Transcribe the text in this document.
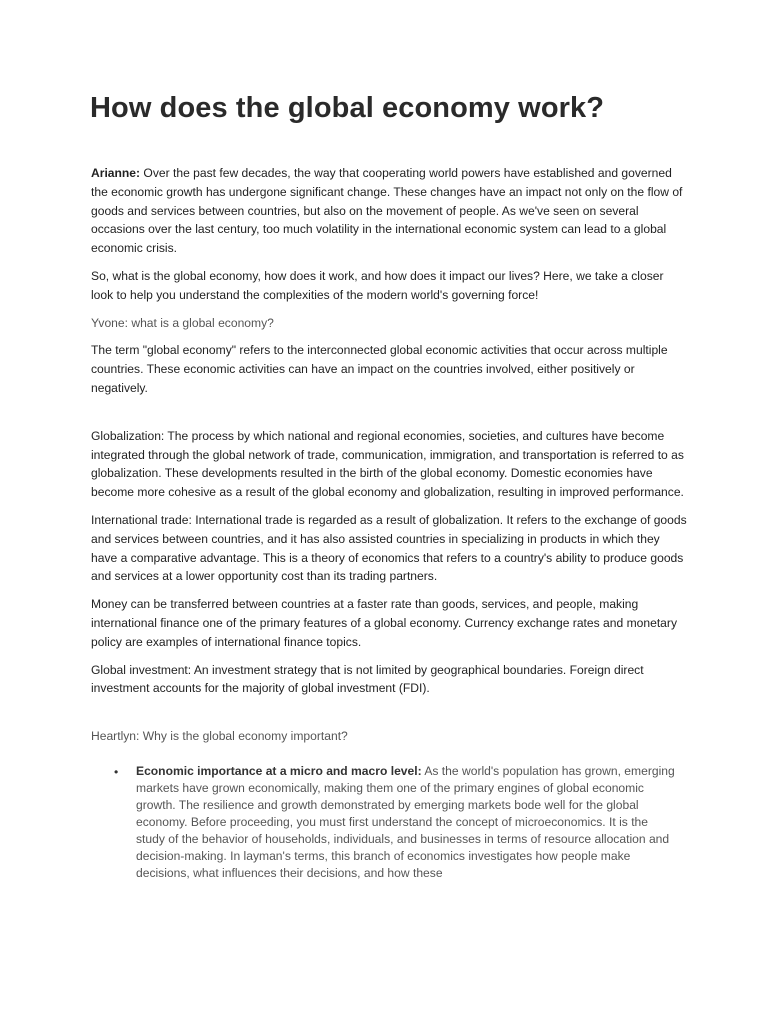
How does the global economy work?

Arianne: Over the past few decades, the way that cooperating world powers have established and governed the economic growth has undergone significant change. These changes have an impact not only on the flow of goods and services between countries, but also on the movement of people. As we've seen on several occasions over the last century, too much volatility in the international economic system can lead to a global economic crisis.

So, what is the global economy, how does it work, and how does it impact our lives? Here, we take a closer look to help you understand the complexities of the modern world's governing force!

Yvone: what is a global economy?

The term "global economy" refers to the interconnected global economic activities that occur across multiple countries. These economic activities can have an impact on the countries involved, either positively or negatively.

Globalization: The process by which national and regional economies, societies, and cultures have become integrated through the global network of trade, communication, immigration, and transportation is referred to as globalization. These developments resulted in the birth of the global economy. Domestic economies have become more cohesive as a result of the global economy and globalization, resulting in improved performance.

International trade: International trade is regarded as a result of globalization. It refers to the exchange of goods and services between countries, and it has also assisted countries in specializing in products in which they have a comparative advantage. This is a theory of economics that refers to a country's ability to produce goods and services at a lower opportunity cost than its trading partners.

Money can be transferred between countries at a faster rate than goods, services, and people, making international finance one of the primary features of a global economy. Currency exchange rates and monetary policy are examples of international finance topics.

Global investment: An investment strategy that is not limited by geographical boundaries. Foreign direct investment accounts for the majority of global investment (FDI).

Heartlyn: Why is the global economy important?

• Economic importance at a micro and macro level: As the world's population has grown, emerging markets have grown economically, making them one of the primary engines of global economic growth. The resilience and growth demonstrated by emerging markets bode well for the global economy. Before proceeding, you must first understand the concept of microeconomics. It is the study of the behavior of households, individuals, and businesses in terms of resource allocation and decision-making. In layman's terms, this branch of economics investigates how people make decisions, what influences their decisions, and how these
